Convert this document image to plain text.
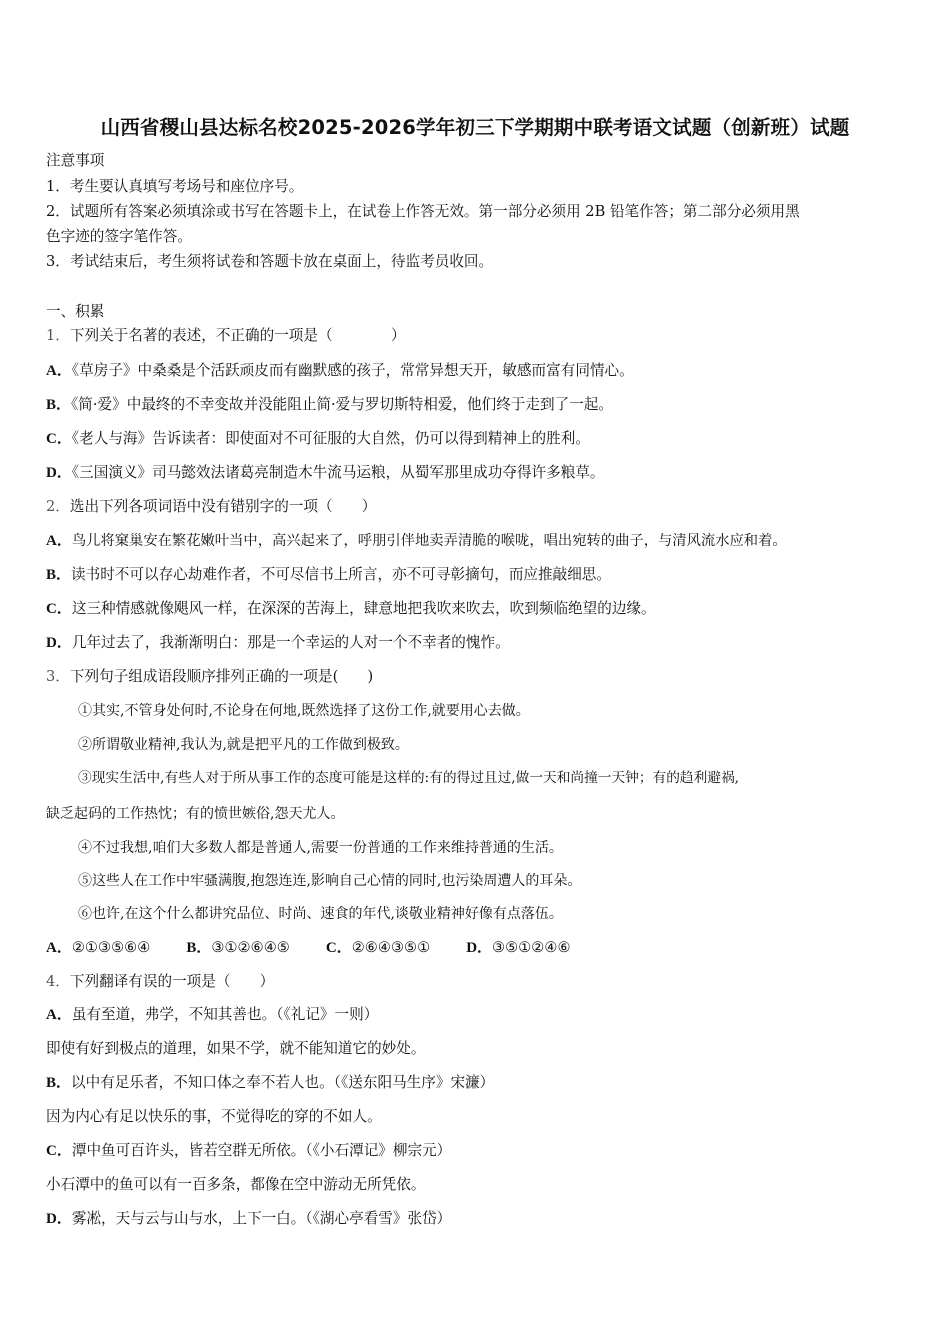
山西省稷山县达标名校2025-2026学年初三下学期期中联考语文试题（创新班）试题
注意事项
1．考生要认真填写考场号和座位序号。
2．试题所有答案必须填涂或书写在答题卡上，在试卷上作答无效。第一部分必须用 2B 铅笔作答；第二部分必须用黑
色字迹的签字笔作答。
3．考试结束后，考生须将试卷和答题卡放在桌面上，待监考员收回。
一、积累
1．下列关于名著的表述，不正确的一项是（　　　　）
A．《草房子》中桑桑是个活跃顽皮而有幽默感的孩子，常常异想天开，敏感而富有同情心。
B．《简·爱》中最终的不幸变故并没能阻止简·爱与罗切斯特相爱，他们终于走到了一起。
C．《老人与海》告诉读者：即使面对不可征服的大自然，仍可以得到精神上的胜利。
D．《三国演义》司马懿效法诸葛亮制造木牛流马运粮，从蜀军那里成功夺得许多粮草。
2．选出下列各项词语中没有错别字的一项（　　）
A．鸟儿将窠巢安在繁花嫩叶当中，高兴起来了，呼朋引伴地卖弄清脆的喉咙，唱出宛转的曲子，与清风流水应和着。
B．读书时不可以存心劫难作者，不可尽信书上所言，亦不可寻彰摘句，而应推敲细思。
C．这三种情感就像飓风一样，在深深的苦海上，肆意地把我吹来吹去，吹到频临绝望的边缘。
D．几年过去了，我渐渐明白：那是一个幸运的人对一个不幸者的愧怍。
3．下列句子组成语段顺序排列正确的一项是(　　)
①其实,不管身处何时,不论身在何地,既然选择了这份工作,就要用心去做。
②所谓敬业精神,我认为,就是把平凡的工作做到极致。
③现实生活中,有些人对于所从事工作的态度可能是这样的:有的得过且过,做一天和尚撞一天钟；有的趋利避祸,
缺乏起码的工作热忱；有的愤世嫉俗,怨天尤人。
④不过我想,咱们大多数人都是普通人,需要一份普通的工作来维持普通的生活。
⑤这些人在工作中牢骚满腹,抱怨连连,影响自己心情的同时,也污染周遭人的耳朵。
⑥也许,在这个什么都讲究品位、时尚、速食的年代,谈敬业精神好像有点落伍。
A．②①③⑤⑥④ B．③①②⑥④⑤ C．②⑥④③⑤① D．③⑤①②④⑥
4．下列翻译有误的一项是（　　）
A．虽有至道，弗学，不知其善也。（《礼记》一则）
即使有好到极点的道理，如果不学，就不能知道它的妙处。
B．以中有足乐者，不知口体之奉不若人也。（《送东阳马生序》宋濂）
因为内心有足以快乐的事，不觉得吃的穿的不如人。
C．潭中鱼可百许头，皆若空群无所依。（《小石潭记》柳宗元）
小石潭中的鱼可以有一百多条，都像在空中游动无所凭依。
D．雾凇，天与云与山与水，上下一白。（《湖心亭看雪》张岱）
